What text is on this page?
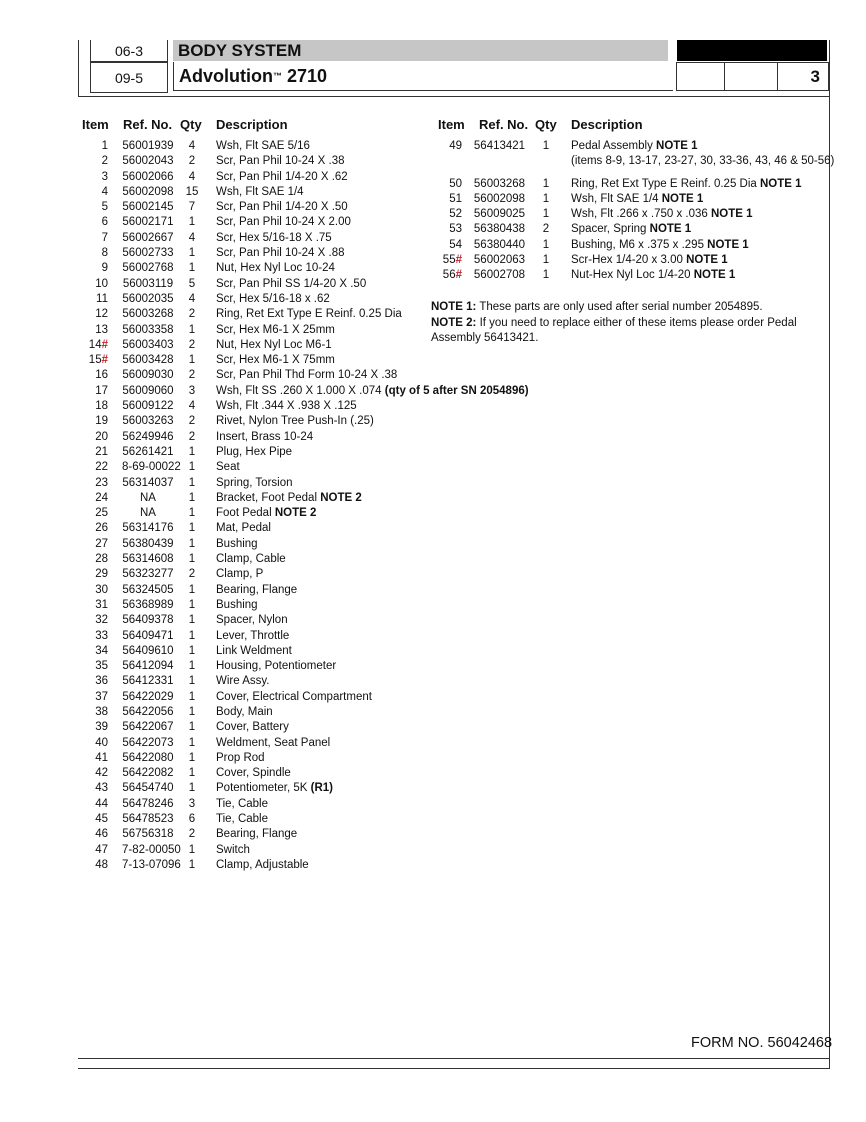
06-3
09-5
BODY SYSTEM
Advolution ™ 2710	3
Item Ref. No. Qty Description	Item Ref. No. Qty Description
1 56001939	4	Wsh, Flt SAE 5/16
2 56002043	2	Scr, Pan Phil 10-24 X .38
3 56002066	4	Scr, Pan Phil 1/4-20 X .62
4 56002098	15	Wsh, Flt SAE 1/4
5 56002145	7	Scr, Pan Phil 1/4-20 X .50
6 56002171	1	Scr, Pan Phil 10-24 X 2.00
7 56002667	4	Scr, Hex 5/16-18 X .75
8 56002733	1	Scr, Pan Phil 10-24 X .88
9 56002768	1	Nut, Hex Nyl Loc 10-24
10 56003119	5	Scr, Pan Phil SS 1/4-20 X .50
11 56002035	4	Scr, Hex 5/16-18 x .62
12 56003268	2	Ring, Ret Ext Type E Reinf. 0.25 Dia
13 56003358	1	Scr, Hex M6-1 X 25mm
14# 56003403	2	Nut, Hex Nyl Loc M6-1
15# 56003428	1	Scr, Hex M6-1 X 75mm
16 56009030	2	Scr, Pan Phil Thd Form 10-24 X .38
17 56009060	3	Wsh, Flt SS .260 X 1.000 X .074 (qty of 5 after SN 2054896)
18 56009122	4	Wsh, Flt .344 X .938 X .125
19 56003263	2	Rivet, Nylon Tree Push-In (.25)
20 56249946	2	Insert, Brass 10-24
21 56261421	1	Plug, Hex Pipe
22 8-69-00022 1	Seat
23 56314037	1	Spring, Torsion
24	NA	1	Bracket, Foot Pedal NOTE 2
25	NA	1	Foot Pedal NOTE 2
26 56314176	1	Mat, Pedal
27 56380439	1	Bushing
28 56314608	1	Clamp, Cable
29 56323277	2	Clamp, P
30 56324505	1	Bearing, Flange
31 56368989	1	Bushing
32 56409378	1	Spacer, Nylon
33 56409471	1	Lever, Throttle
34 56409610	1	Link Weldment
35 56412094	1	Housing, Potentiometer
36 56412331	1	Wire Assy.
37 56422029	1	Cover, Electrical Compartment
38 56422056	1	Body, Main
39 56422067	1	Cover, Battery
40 56422073	1	Weldment, Seat Panel
41 56422080	1	Prop Rod
42 56422082	1	Cover, Spindle
43 56454740	1	Potentiometer, 5K (R1)
44 56478246	3	Tie, Cable
45 56478523	6	Tie, Cable
46 56756318	2	Bearing, Flange
47 7-82-00050 1	Switch
48 7-13-07096 1	Clamp, Adjustable
49 56413421	1	Pedal Assembly NOTE 1
(items 8-9, 13-17, 23-27, 30, 33-36, 43, 46 & 50-56)
50 56003268	1	Ring, Ret Ext Type E Reinf. 0.25 Dia NOTE 1
51 56002098	1	Wsh, Flt SAE 1/4 NOTE 1
52 56009025	1	Wsh, Flt .266 x .750 x .036 NOTE 1
53 56380438	2	Spacer, Spring NOTE 1
54 56380440	1	Bushing, M6 x .375 x .295 NOTE 1
55# 56002063	1	Scr-Hex 1/4-20 x 3.00 NOTE 1
56# 56002708	1	Nut-Hex Nyl Loc 1/4-20 NOTE 1
NOTE 1: These parts are only used after serial number 2054895.
NOTE 2: If you need to replace either of these items please order Pedal Assembly 56413421.
FORM NO. 56042468
